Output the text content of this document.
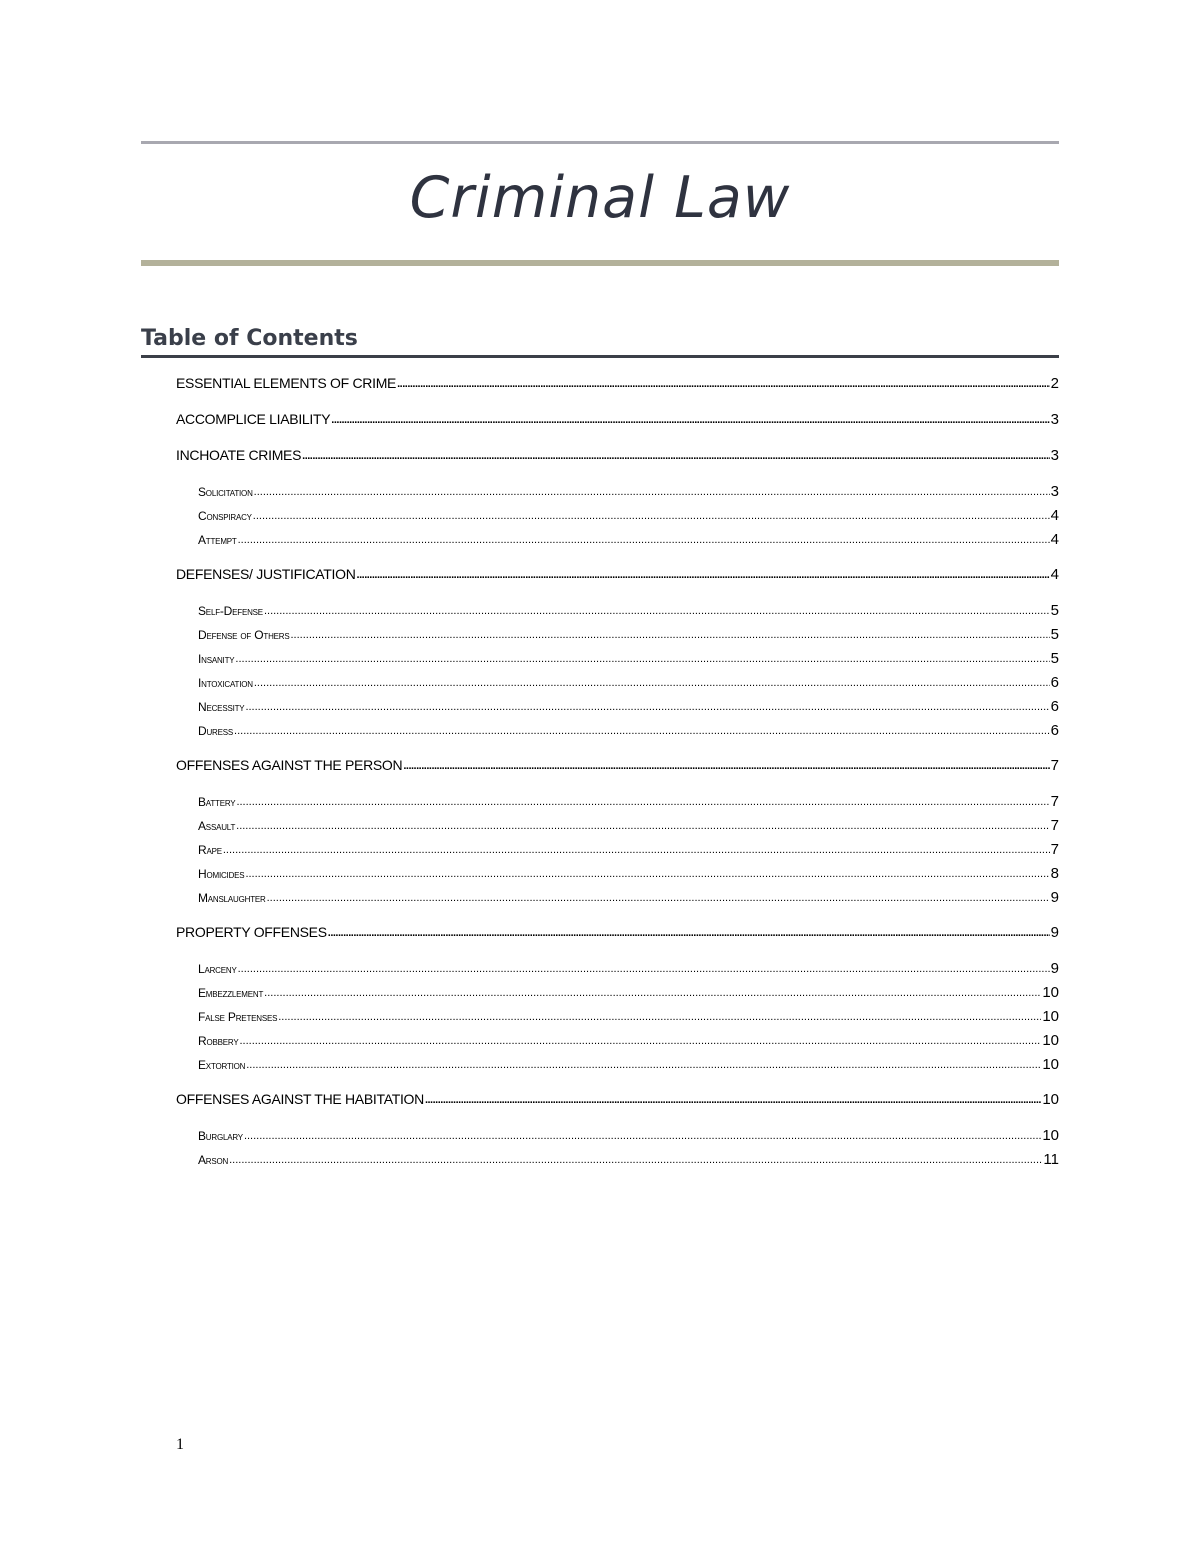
Criminal Law
Table of Contents
ESSENTIAL ELEMENTS OF CRIME .....	2
ACCOMPLICE LIABILITY .....	3
INCHOATE CRIMES .....	3
Solicitation .....	3
Conspiracy .....	4
Attempt .....	4
DEFENSES/ JUSTIFICATION .....	4
Self-Defense .....	5
Defense of Others .....	5
Insanity .....	5
Intoxication .....	6
Necessity .....	6
Duress .....	6
OFFENSES AGAINST THE PERSON .....	7
Battery .....	7
Assault .....	7
Rape .....	7
Homicides .....	8
Manslaughter .....	9
PROPERTY OFFENSES .....	9
Larceny .....	9
Embezzlement .....	10
False Pretenses .....	10
Robbery .....	10
Extortion .....	10
OFFENSES AGAINST THE HABITATION .....	10
Burglary .....	10
Arson .....	11
1
